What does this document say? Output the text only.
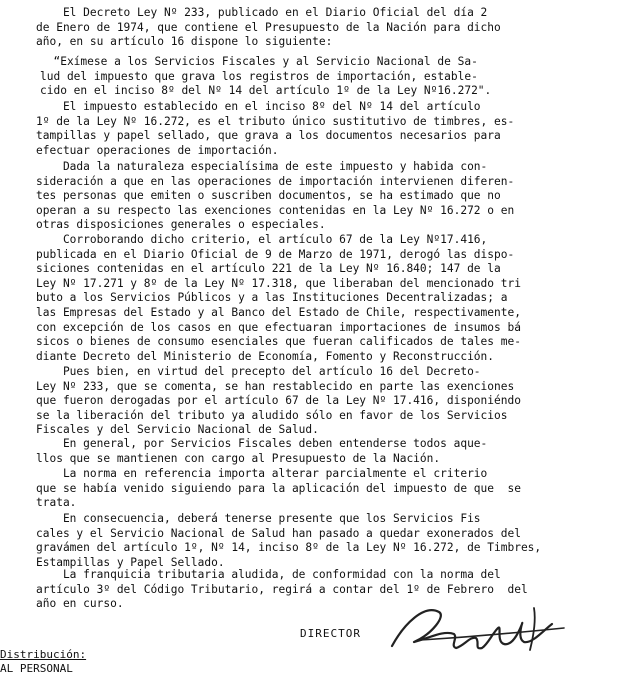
El Decreto Ley Nº 233, publicado en el Diario Oficial del día 2
de Enero de 1974, que contiene el Presupuesto de la Nación para dicho
año, en su artículo 16 dispone lo siguiente:
“Exímese a los Servicios Fiscales y al Servicio Nacional de Sa-
lud del impuesto que grava los registros de importación, estable-
cido en el inciso 8º del Nº 14 del artículo 1º de la Ley Nº16.272".
El impuesto establecido en el inciso 8º del Nº 14 del artículo
1º de la Ley Nº 16.272, es el tributo único sustitutivo de timbres, es-
tampillas y papel sellado, que grava a los documentos necesarios para
efectuar operaciones de importación.
Dada la naturaleza especialísima de este impuesto y habida con-
sideración a que en las operaciones de importación intervienen diferen-
tes personas que emiten o suscriben documentos, se ha estimado que no
operan a su respecto las exenciones contenidas en la Ley Nº 16.272 o en
otras disposiciones generales o especiales.
Corroborando dicho criterio, el artículo 67 de la Ley Nº17.416,
publicada en el Diario Oficial de 9 de Marzo de 1971, derogó las dispo-
siciones contenidas en el artículo 221 de la Ley Nº 16.840; 147 de la
Ley Nº 17.271 y 8º de la Ley Nº 17.318, que liberaban del mencionado tri
buto a los Servicios Públicos y a las Instituciones Decentralizadas; a
las Empresas del Estado y al Banco del Estado de Chile, respectivamente,
con excepción de los casos en que efectuaran importaciones de insumos bá
sicos o bienes de consumo esenciales que fueran calificados de tales me-
diante Decreto del Ministerio de Economía, Fomento y Reconstrucción.
Pues bien, en virtud del precepto del artículo 16 del Decreto-
Ley Nº 233, que se comenta, se han restablecido en parte las exenciones
que fueron derogadas por el artículo 67 de la Ley Nº 17.416, disponiéndo
se la liberación del tributo ya aludido sólo en favor de los Servicios
Fiscales y del Servicio Nacional de Salud.
En general, por Servicios Fiscales deben entenderse todos aque-
llos que se mantienen con cargo al Presupuesto de la Nación.
La norma en referencia importa alterar parcialmente el criterio
que se había venido siguiendo para la aplicación del impuesto de que  se
trata.
En consecuencia, deberá tenerse presente que los Servicios Fis
cales y el Servicio Nacional de Salud han pasado a quedar exonerados del
gravámen del artículo 1º, Nº 14, inciso 8º de la Ley Nº 16.272, de Timbres,
Estampillas y Papel Sellado.
La franquicia tributaria aludida, de conformidad con la norma del
artículo 3º del Código Tributario, regirá a contar del 1º de Febrero  del
año en curso.
DIRECTOR
Distribución:
AL PERSONAL
